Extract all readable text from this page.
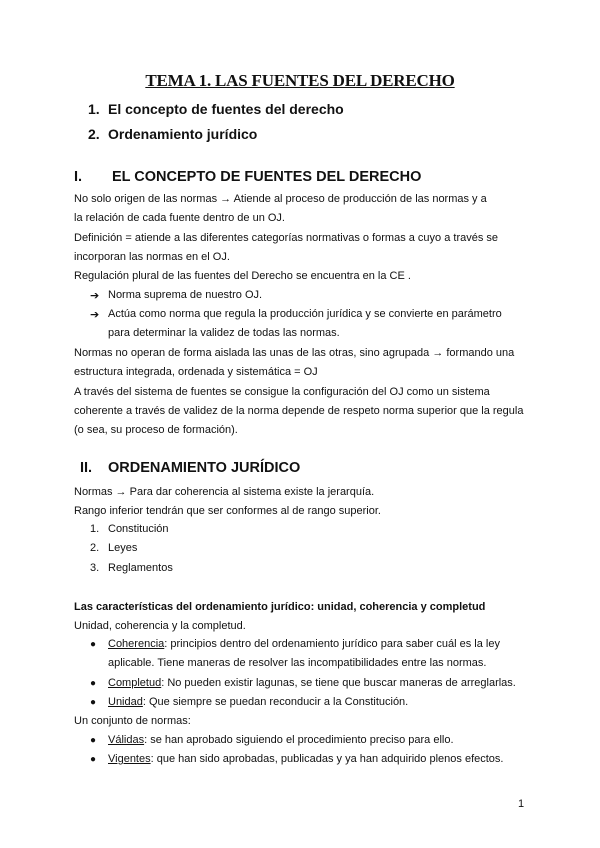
TEMA 1. LAS FUENTES DEL DERECHO
1. El concepto de fuentes del derecho
2. Ordenamiento jurídico
I. EL CONCEPTO DE FUENTES DEL DERECHO
No solo origen de las normas → Atiende al proceso de producción de las normas y a
la relación de cada fuente dentro de un OJ.
Definición = atiende a las diferentes categorías normativas o formas a cuyo a través se
incorporan las normas en el OJ.
Regulación plural de las fuentes del Derecho se encuentra en la CE .
➔ Norma suprema de nuestro OJ.
➔ Actúa como norma que regula la producción jurídica y se convierte en parámetro
para determinar la validez de todas las normas.
Normas no operan de forma aislada las unas de las otras, sino agrupada → formando una
estructura integrada, ordenada y sistemática = OJ
A través del sistema de fuentes se consigue la configuración del OJ como un sistema
coherente a través de validez de la norma depende de respeto norma superior que la regula
(o sea, su proceso de formación).
II. ORDENAMIENTO JURÍDICO
Normas → Para dar coherencia al sistema existe la jerarquía.
Rango inferior tendrán que ser conformes al de rango superior.
1. Constitución
2. Leyes
3. Reglamentos
Las características del ordenamiento jurídico: unidad, coherencia y completud
Unidad, coherencia y la completud.
● Coherencia: principios dentro del ordenamiento jurídico para saber cuál es la ley
aplicable. Tiene maneras de resolver las incompatibilidades entre las normas.
● Completud: No pueden existir lagunas, se tiene que buscar maneras de arreglarlas.
● Unidad: Que siempre se puedan reconducir a la Constitución.
Un conjunto de normas:
● Válidas: se han aprobado siguiendo el procedimiento preciso para ello.
● Vigentes: que han sido aprobadas, publicadas y ya han adquirido plenos efectos.
1
